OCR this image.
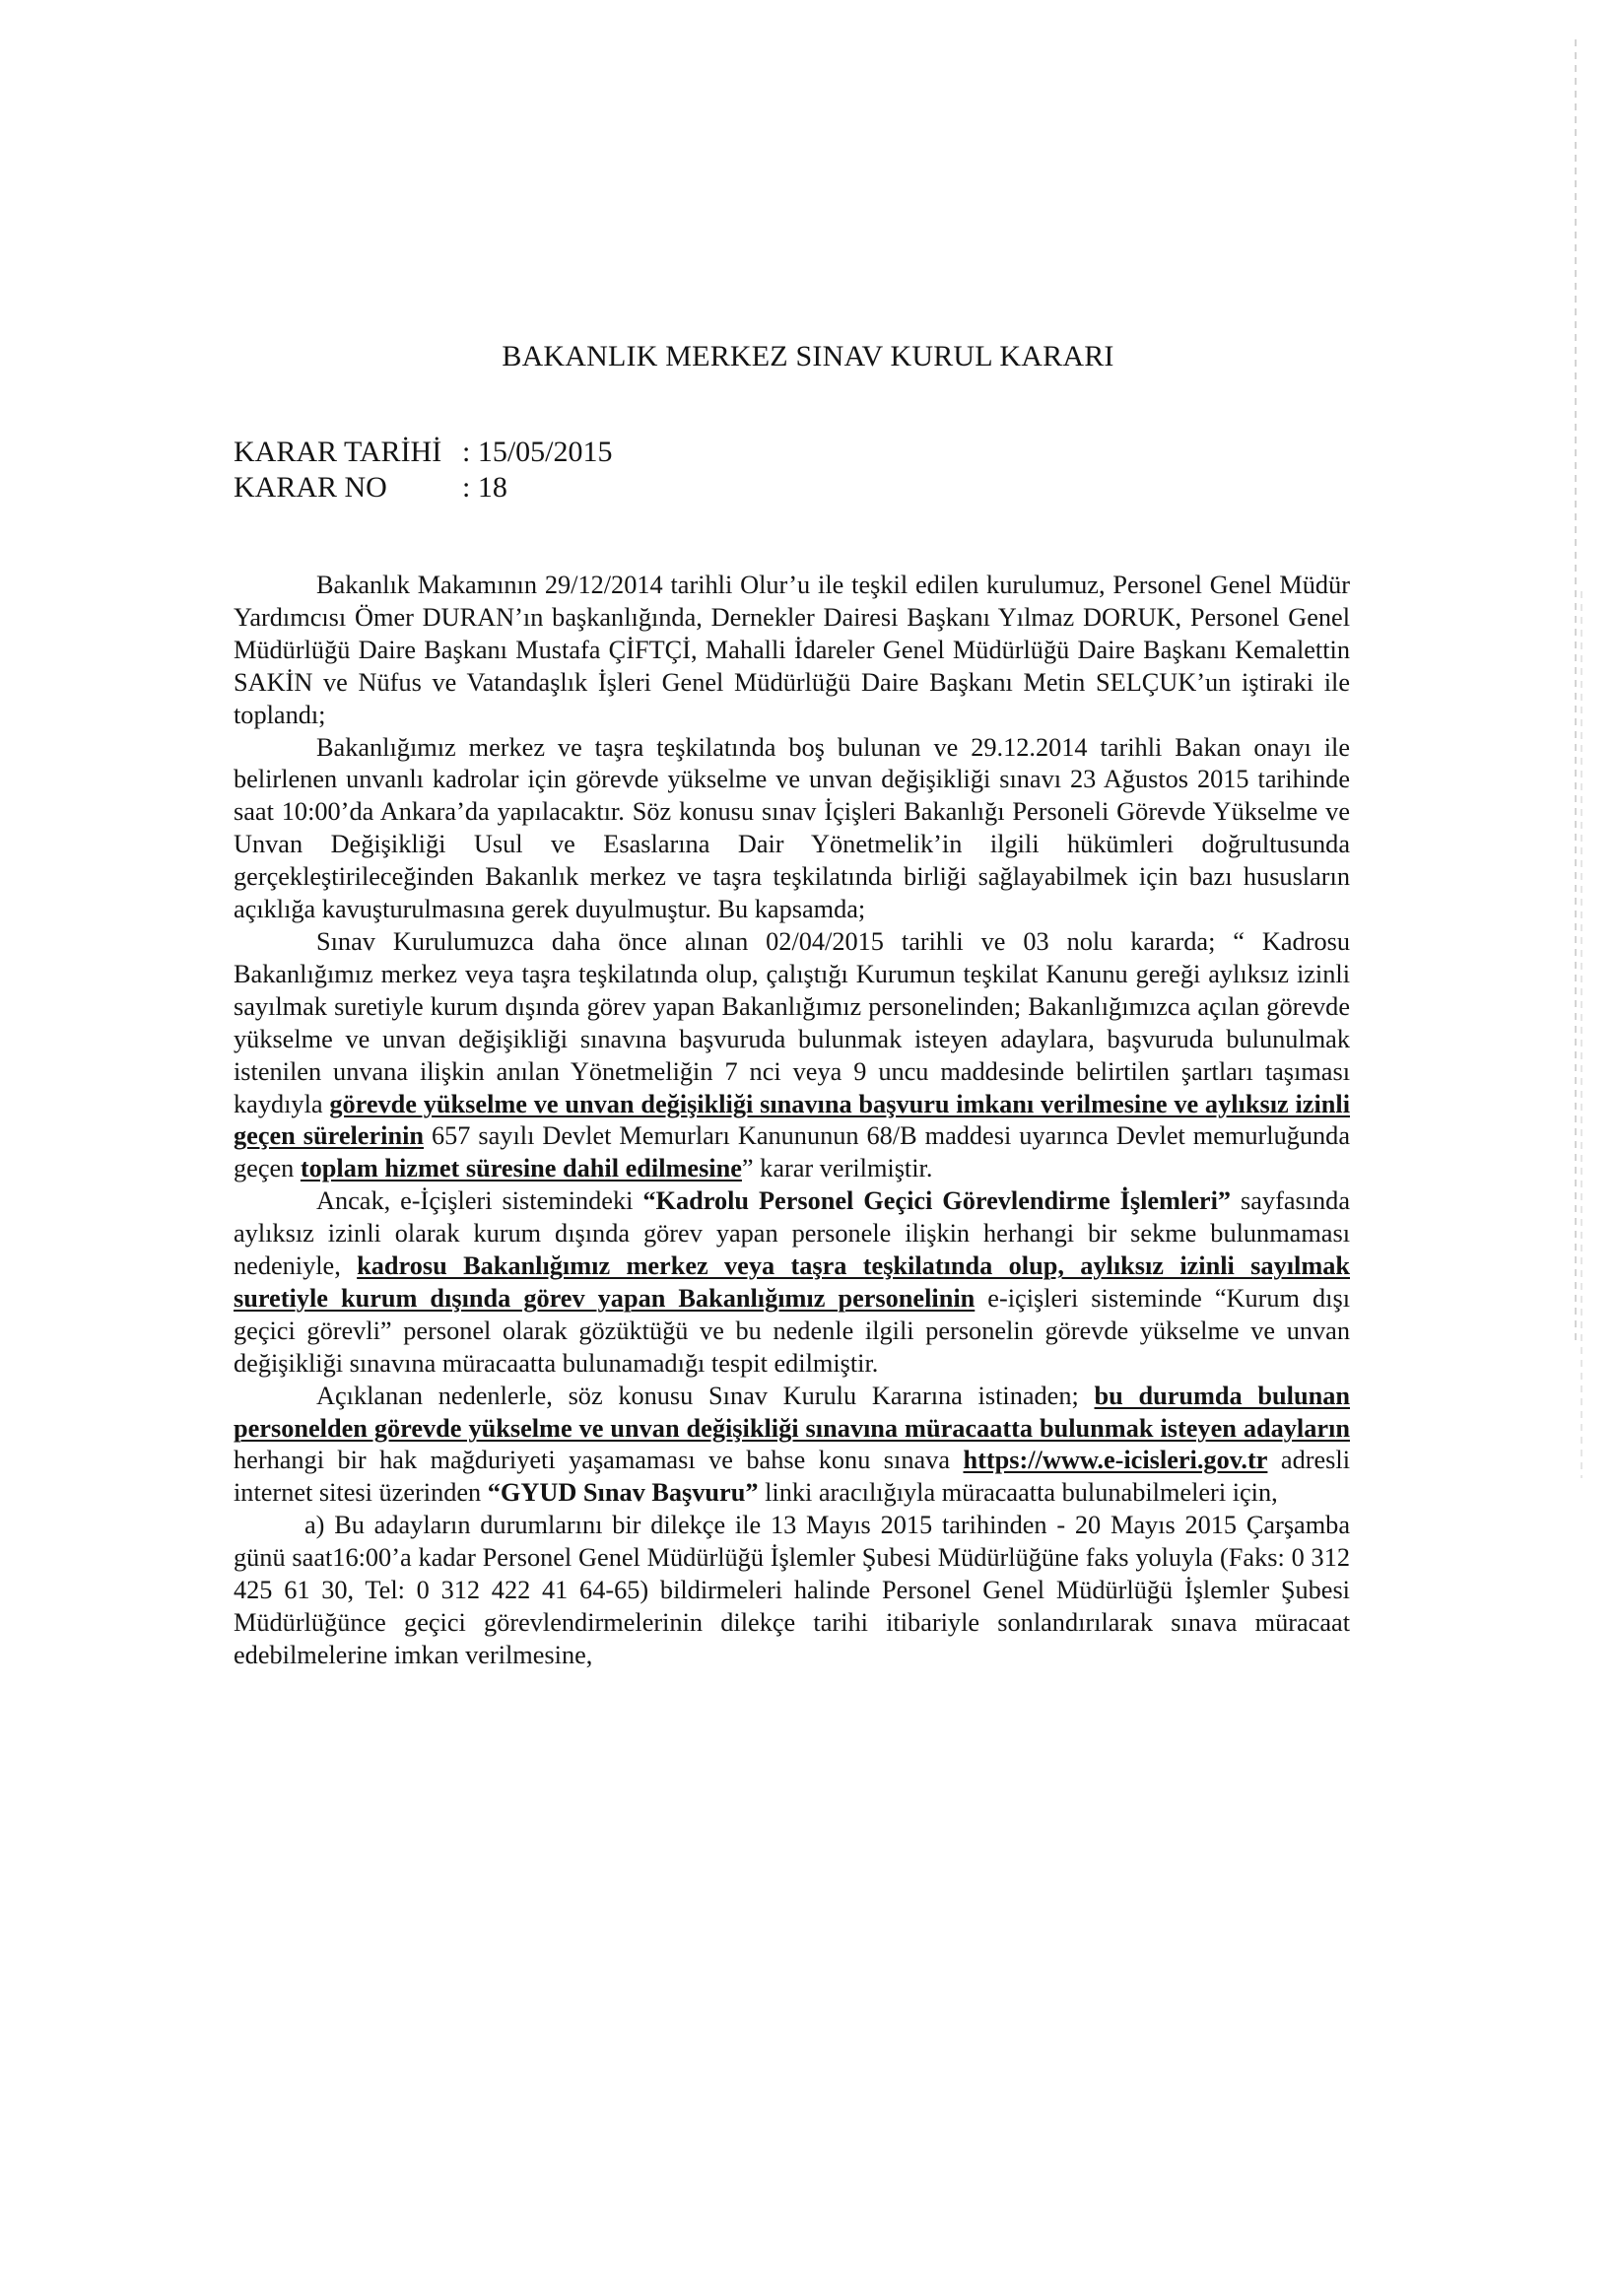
BAKANLIK MERKEZ SINAV KURUL KARARI
KARAR TARİHİ : 15/05/2015
KARAR NO	: 18

Bakanlık Makamının 29/12/2014 tarihli Olur’u ile teşkil edilen kurulumuz, Personel Genel Müdür Yardımcısı Ömer DURAN’ın başkanlığında, Dernekler Dairesi Başkanı Yılmaz DORUK, Personel Genel Müdürlüğü Daire Başkanı Mustafa ÇİFTÇİ, Mahalli İdareler Genel Müdürlüğü Daire Başkanı Kemalettin SAKİN ve Nüfus ve Vatandaşlık İşleri Genel Müdürlüğü Daire Başkanı Metin SELÇUK’un iştiraki ile toplandı;

Bakanlığımız merkez ve taşra teşkilatında boş bulunan ve 29.12.2014 tarihli Bakan onayı ile belirlenen unvanlı kadrolar için görevde yükselme ve unvan değişikliği sınavı 23 Ağustos 2015 tarihinde saat 10:00’da Ankara’da yapılacaktır. Söz konusu sınav İçişleri Bakanlığı Personeli Görevde Yükselme ve Unvan Değişikliği Usul ve Esaslarına Dair Yönetmelik’in ilgili hükümleri doğrultusunda gerçekleştirileceğinden Bakanlık merkez ve taşra teşkilatında birliği sağlayabilmek için bazı hususların açıklığa kavuşturulmasına gerek duyulmuştur. Bu kapsamda;

Sınav Kurulumuzca daha önce alınan 02/04/2015 tarihli ve 03 nolu kararda; “ Kadrosu Bakanlığımız merkez veya taşra teşkilatında olup, çalıştığı Kurumun teşkilat Kanunu gereği aylıksız izinli sayılmak suretiyle kurum dışında görev yapan Bakanlığımız personelinden; Bakanlığımızca açılan görevde yükselme ve unvan değişikliği sınavına başvuruda bulunmak isteyen adaylara, başvuruda bulunulmak istenilen unvana ilişkin anılan Yönetmeliğin 7 nci veya 9 uncu maddesinde belirtilen şartları taşıması kaydıyla görevde yükselme ve unvan değişikliği sınavına başvuru imkanı verilmesine ve aylıksız izinli geçen sürelerinin 657 sayılı Devlet Memurları Kanununun 68/B maddesi uyarınca Devlet memurluğunda geçen toplam hizmet süresine dahil edilmesine” karar verilmiştir.

Ancak, e-İçişleri sistemindeki “Kadrolu Personel Geçici Görevlendirme İşlemleri” sayfasında aylıksız izinli olarak kurum dışında görev yapan personele ilişkin herhangi bir sekme bulunmaması nedeniyle, kadrosu Bakanlığımız merkez veya taşra teşkilatında olup, aylıksız izinli sayılmak suretiyle kurum dışında görev yapan Bakanlığımız personelinin e-içişleri sisteminde “Kurum dışı geçici görevli” personel olarak gözüktüğü ve bu nedenle ilgili personelin görevde yükselme ve unvan değişikliği sınavına müracaatta bulunamadığı tespit edilmiştir.

Açıklanan nedenlerle, söz konusu Sınav Kurulu Kararına istinaden; bu durumda bulunan personelden görevde yükselme ve unvan değişikliği sınavına müracaatta bulunmak isteyen adayların herhangi bir hak mağduriyeti yaşamaması ve bahse konu sınava https://www.e-icisleri.gov.tr adresli internet sitesi üzerinden “GYUD Sınav Başvuru” linki aracılığıyla müracaatta bulunabilmeleri için,

a) Bu adayların durumlarını bir dilekçe ile 13 Mayıs 2015 tarihinden - 20 Mayıs 2015 Çarşamba günü saat16:00’a kadar Personel Genel Müdürlüğü İşlemler Şubesi Müdürlüğüne faks yoluyla (Faks: 0 312 425 61 30, Tel: 0 312 422 41 64-65) bildirmeleri halinde Personel Genel Müdürlüğü İşlemler Şubesi Müdürlüğünce geçici görevlendirmelerinin dilekçe tarihi itibariyle sonlandırılarak sınava müracaat edebilmelerine imkan verilmesine,
